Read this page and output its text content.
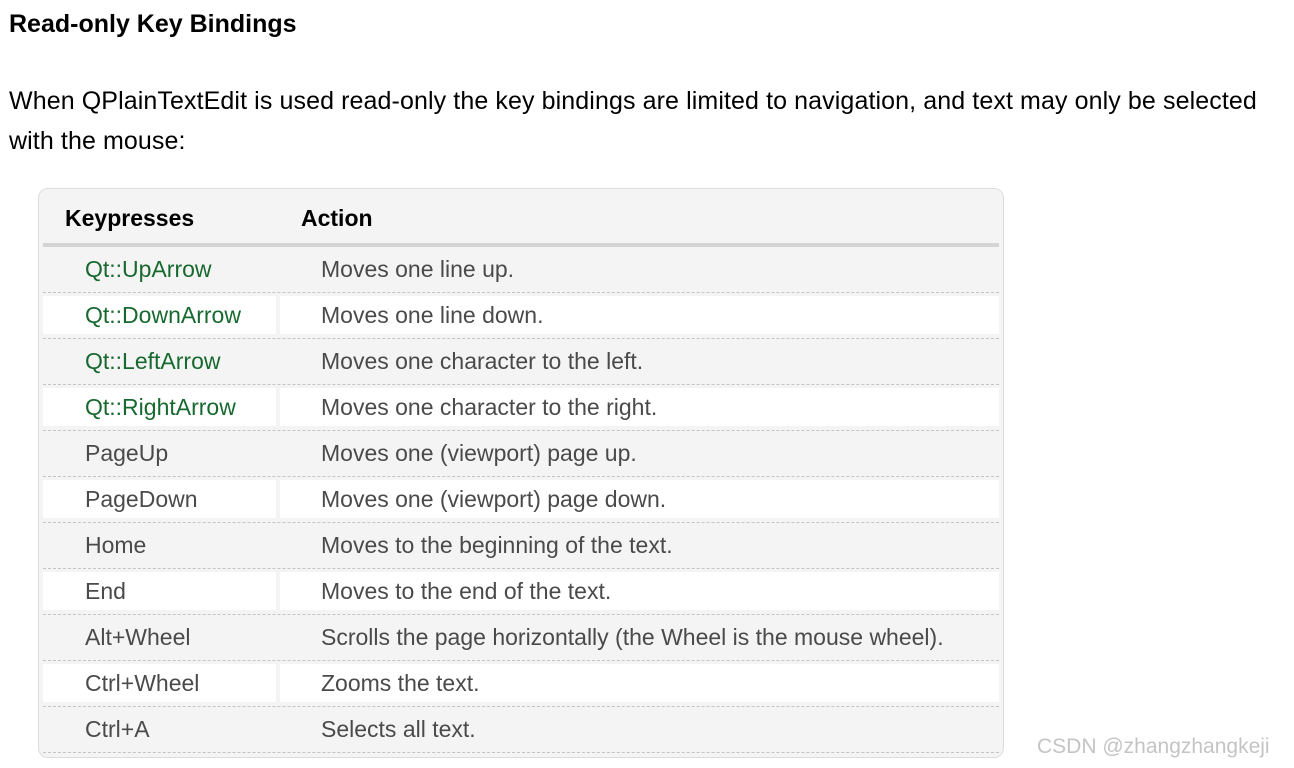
Read-only Key Bindings

When QPlainTextEdit is used read-only the key bindings are limited to navigation, and text may only be selected with the mouse:

Keypresses	Action
Qt::UpArrow	Moves one line up.
Qt::DownArrow	Moves one line down.
Qt::LeftArrow	Moves one character to the left.
Qt::RightArrow	Moves one character to the right.
PageUp	Moves one (viewport) page up.
PageDown	Moves one (viewport) page down.
Home	Moves to the beginning of the text.
End	Moves to the end of the text.
Alt+Wheel	Scrolls the page horizontally (the Wheel is the mouse wheel).
Ctrl+Wheel	Zooms the text.
Ctrl+A	Selects all text.
CSDN @zhangzhangkeji
